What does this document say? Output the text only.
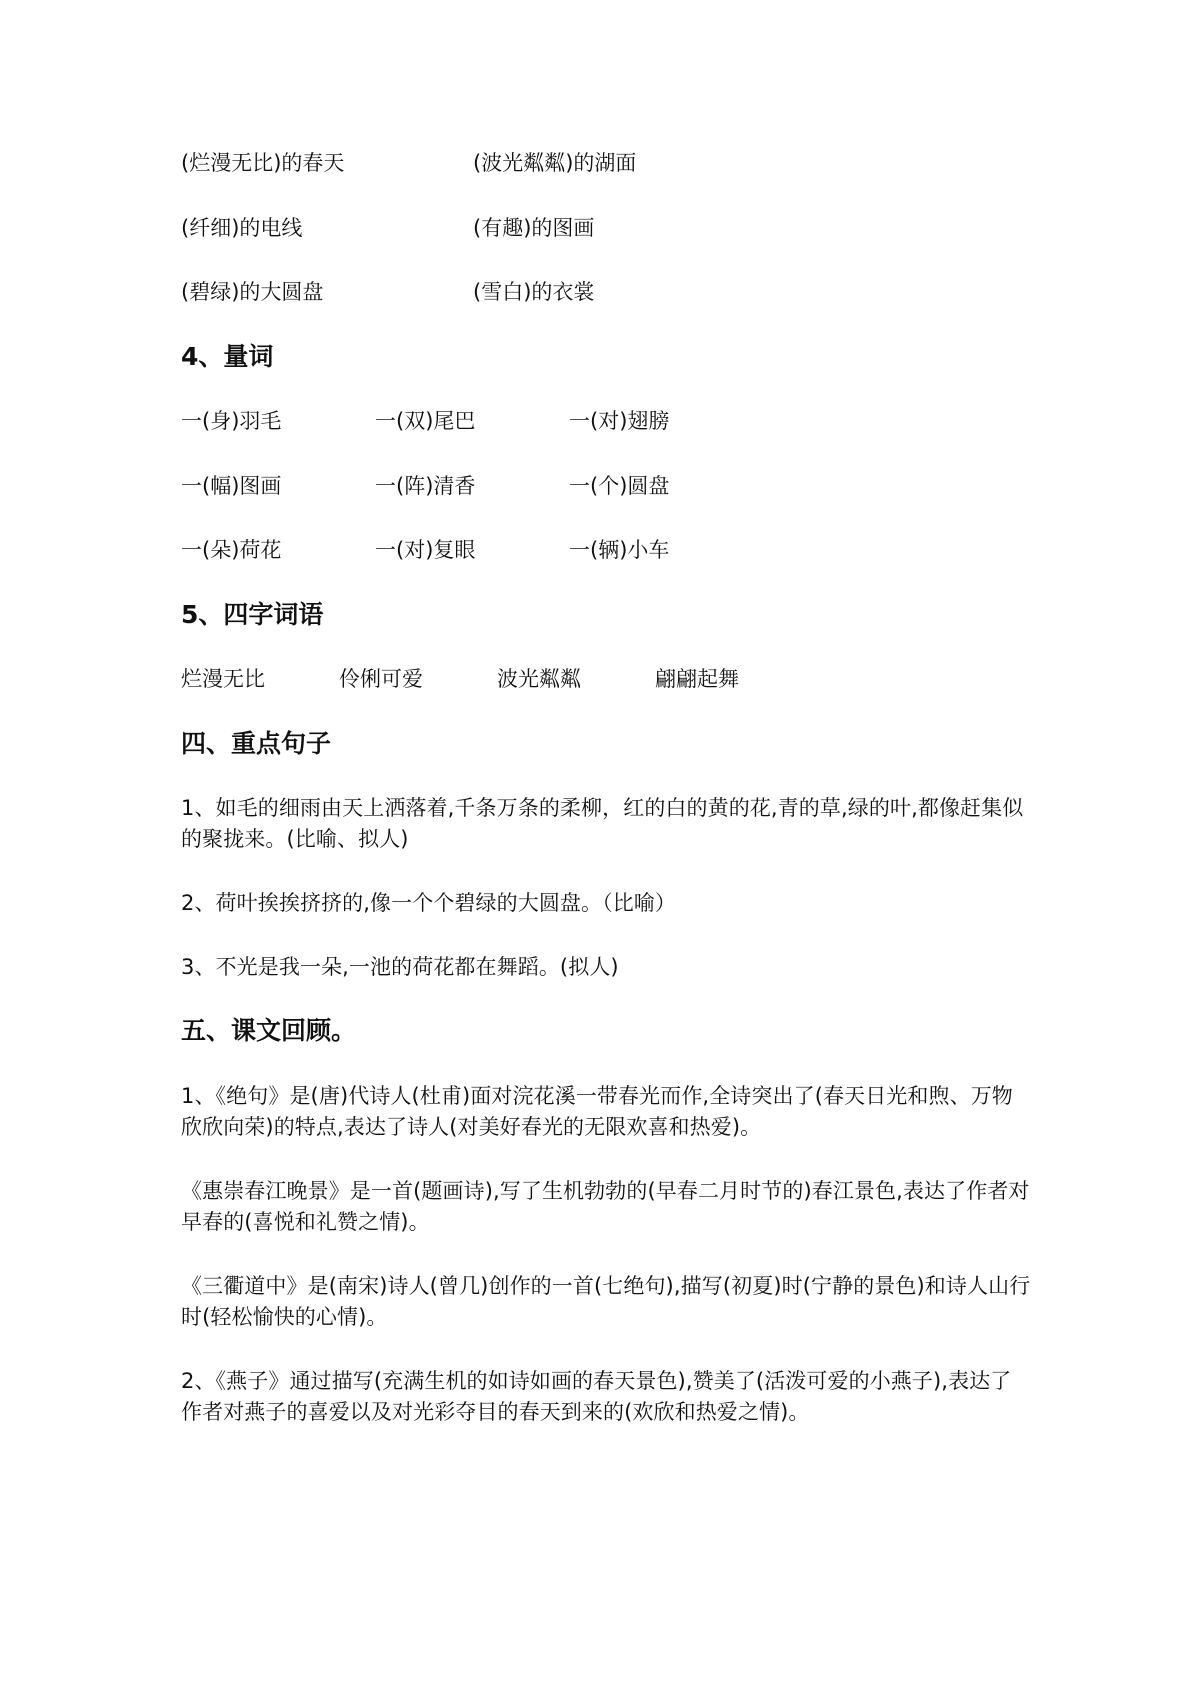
(烂漫无比)的春天	(波光粼粼)的湖面
(纤细)的电线	(有趣)的图画
(碧绿)的大圆盘	(雪白)的衣裳
4、量词
一(身)羽毛	一(双)尾巴	一(对)翅膀
一(幅)图画	一(阵)清香	一(个)圆盘
一(朵)荷花	一(对)复眼	一(辆)小车
5、四字词语
烂漫无比	伶俐可爱	波光粼粼	翩翩起舞
四、重点句子

1、如毛的细雨由天上洒落着,千条万条的柔柳，红的白的黄的花,青的草,绿的叶,都像赶集似的聚拢来。(比喻、拟人)

2、荷叶挨挨挤挤的,像一个个碧绿的大圆盘。（比喻）

3、不光是我一朵,一池的荷花都在舞蹈。(拟人)

五、课文回顾。

1、《绝句》是(唐)代诗人(杜甫)面对浣花溪一带春光而作,全诗突出了(春天日光和煦、万物欣欣向荣)的特点,表达了诗人(对美好春光的无限欢喜和热爱)。

《惠崇春江晚景》是一首(题画诗),写了生机勃勃的(早春二月时节的)春江景色,表达了作者对早春的(喜悦和礼赞之情)。

《三衢道中》是(南宋)诗人(曾几)创作的一首(七绝句),描写(初夏)时(宁静的景色)和诗人山行时(轻松愉快的心情)。

2、《燕子》通过描写(充满生机的如诗如画的春天景色),赞美了(活泼可爱的小燕子),表达了作者对燕子的喜爱以及对光彩夺目的春天到来的(欢欣和热爱之情)。
